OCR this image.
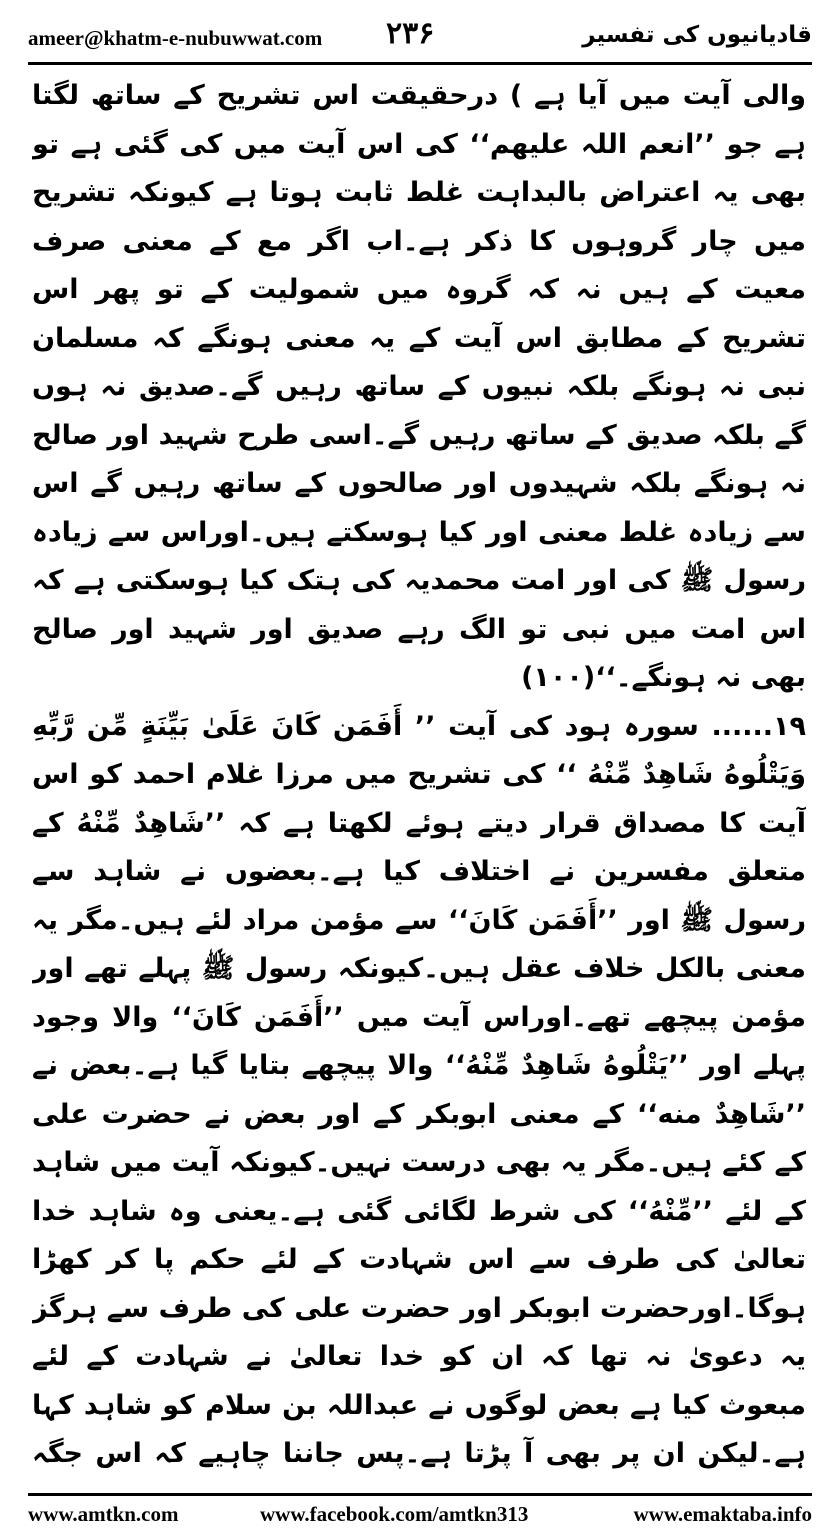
ameer@khatm-e-nubuwwat.com ۲۳۶	قادیانیوں کی تفسیر

والی آیت میں آیا ہے ) درحقیقت اس تشریح کے ساتھ لگتا ہے جو ’’انعم اللہ علیھم‘‘ کی اس آیت میں کی گئی ہے تو بھی یہ اعتراض بالبداہت غلط ثابت ہوتا ہے کیونکہ تشریح میں چار گروہوں کا ذکر ہے۔اب اگر مع کے معنی صرف معیت کے ہیں نہ کہ گروہ میں شمولیت کے تو پھر اس تشریح کے مطابق اس آیت کے یہ معنی ہونگے کہ مسلمان نبی نہ ہونگے بلکہ نبیوں کے ساتھ رہیں گے۔صدیق نہ ہوں گے بلکہ صدیق کے ساتھ رہیں گے۔اسی طرح شہید اور صالح نہ ہونگے بلکہ شہیدوں اور صالحوں کے ساتھ رہیں گے اس سے زیادہ غلط معنی اور کیا ہوسکتے ہیں۔اوراس سے زیادہ رسول ﷺ کی اور امت محمدیہ کی ہتک کیا ہوسکتی ہے کہ اس امت میں نبی تو الگ رہے صدیق اور شہید اور صالح بھی نہ ہونگے۔‘‘(۱۰۰)

۱۹...... سورہ ہود کی آیت ’’ أَفَمَن كَانَ عَلَىٰ بَيِّنَةٍ مِّن رَّبِّهِ وَيَتْلُوهُ شَاهِدٌ مِّنْهُ ‘‘ کی تشریح میں مرزا غلام احمد کو اس آیت کا مصداق قرار دیتے ہوئے لکھتا ہے کہ ’’شَاهِدٌ مِّنْهُ کے متعلق مفسرین نے اختلاف کیا ہے۔بعضوں نے شاہد سے رسول ﷺ اور ’’أَفَمَن كَانَ‘‘ سے مؤمن مراد لئے ہیں۔مگر یہ معنی بالکل خلاف عقل ہیں۔کیونکہ رسول ﷺ پہلے تھے اور مؤمن پیچھے تھے۔اوراس آیت میں ’’أَفَمَن كَانَ‘‘ والا وجود پہلے اور ’’يَتْلُوهُ شَاهِدٌ مِّنْهُ‘‘ والا پیچھے بتایا گیا ہے۔بعض نے ’’شَاهِدٌ منه‘‘ کے معنی ابوبکر کے اور بعض نے حضرت علی کے کئے ہیں۔مگر یہ بھی درست نہیں۔کیونکہ آیت میں شاہد کے لئے ’’مِّنْهُ‘‘ کی شرط لگائی گئی ہے۔یعنی وہ شاہد خدا تعالیٰ کی طرف سے اس شہادت کے لئے حکم پا کر کھڑا ہوگا۔اورحضرت ابوبکر اور حضرت علی کی طرف سے ہرگز یہ دعویٰ نہ تھا کہ ان کو خدا تعالیٰ نے شہادت کے لئے مبعوث کیا ہے بعض لوگوں نے عبداللہ بن سلام کو شاہد کہا ہے۔لیکن ان پر بھی آ پڑتا ہے۔پس جاننا چاہیے کہ اس جگہ

www.amtkn.com	www.facebook.com/amtkn313	www.emaktaba.info
